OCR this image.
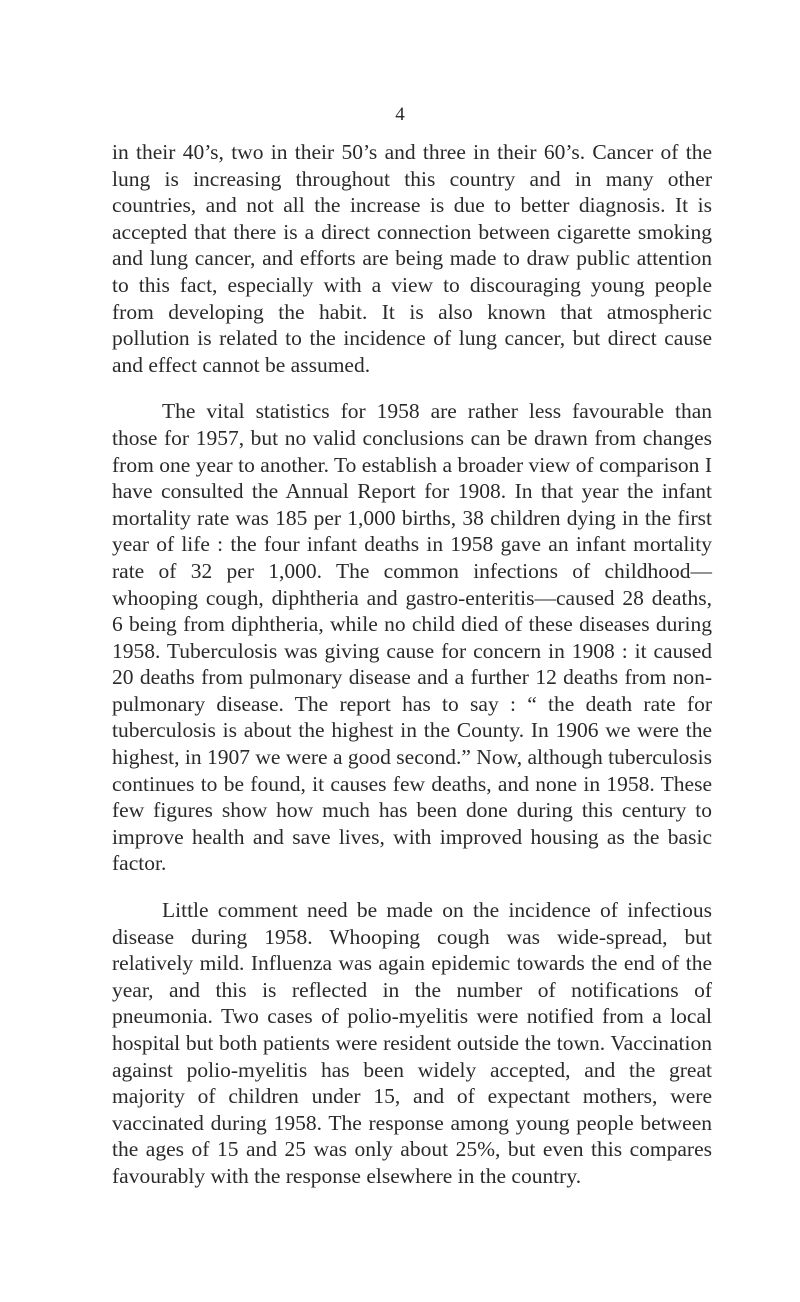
4

in their 40’s, two in their 50’s and three in their 60’s. Cancer of the lung is increasing throughout this country and in many other countries, and not all the increase is due to better diagnosis. It is accepted that there is a direct connection between cigarette smoking and lung cancer, and efforts are being made to draw public attention to this fact, especially with a view to discouraging young people from developing the habit. It is also known that atmospheric pollution is related to the incidence of lung cancer, but direct cause and effect cannot be assumed.

The vital statistics for 1958 are rather less favourable than those for 1957, but no valid conclusions can be drawn from changes from one year to another. To establish a broader view of comparison I have consulted the Annual Report for 1908. In that year the infant mortality rate was 185 per 1,000 births, 38 children dying in the first year of life : the four infant deaths in 1958 gave an infant mortality rate of 32 per 1,000. The common infections of childhood— whooping cough, diphtheria and gastro-enteritis—caused 28 deaths, 6 being from diphtheria, while no child died of these diseases during 1958. Tuberculosis was giving cause for concern in 1908 : it caused 20 deaths from pulmonary disease and a further 12 deaths from non-pulmonary disease. The report has to say : “ the death rate for tuberculosis is about the highest in the County. In 1906 we were the highest, in 1907 we were a good second.” Now, although tuberculosis continues to be found, it causes few deaths, and none in 1958. These few figures show how much has been done during this century to improve health and save lives, with improved housing as the basic factor.

Little comment need be made on the incidence of infectious disease during 1958. Whooping cough was wide-spread, but relatively mild. Influenza was again epidemic towards the end of the year, and this is reflected in the number of notifications of pneumonia. Two cases of polio-myelitis were notified from a local hospital but both patients were resident outside the town. Vaccination against polio-myelitis has been widely accepted, and the great majority of children under 15, and of expectant mothers, were vaccinated during 1958. The response among young people between the ages of 15 and 25 was only about 25%, but even this compares favourably with the response elsewhere in the country.
